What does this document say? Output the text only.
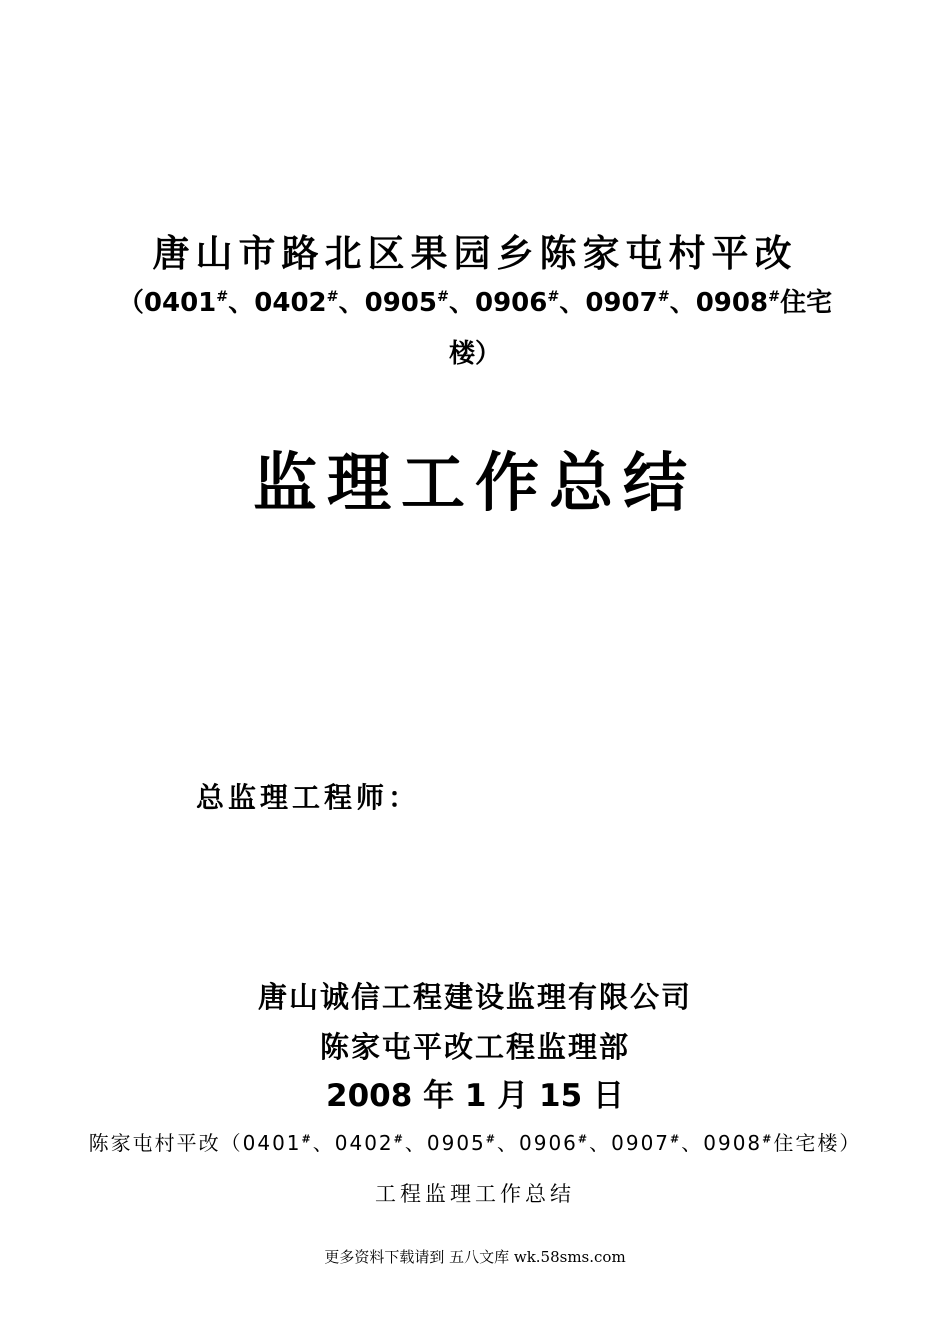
唐山市路北区果园乡陈家屯村平改
（0401#、0402#、0905#、0906#、0907#、0908#住宅
楼）
监理工作总结
总监理工程师：
唐山诚信工程建设监理有限公司
陈家屯平改工程监理部
2008 年 1 月 15 日
陈家屯村平改（0401#、0402#、0905#、0906#、0907#、0908#住宅楼）
工程监理工作总结
更多资料下载请到 五八文库 wk.58sms.com
